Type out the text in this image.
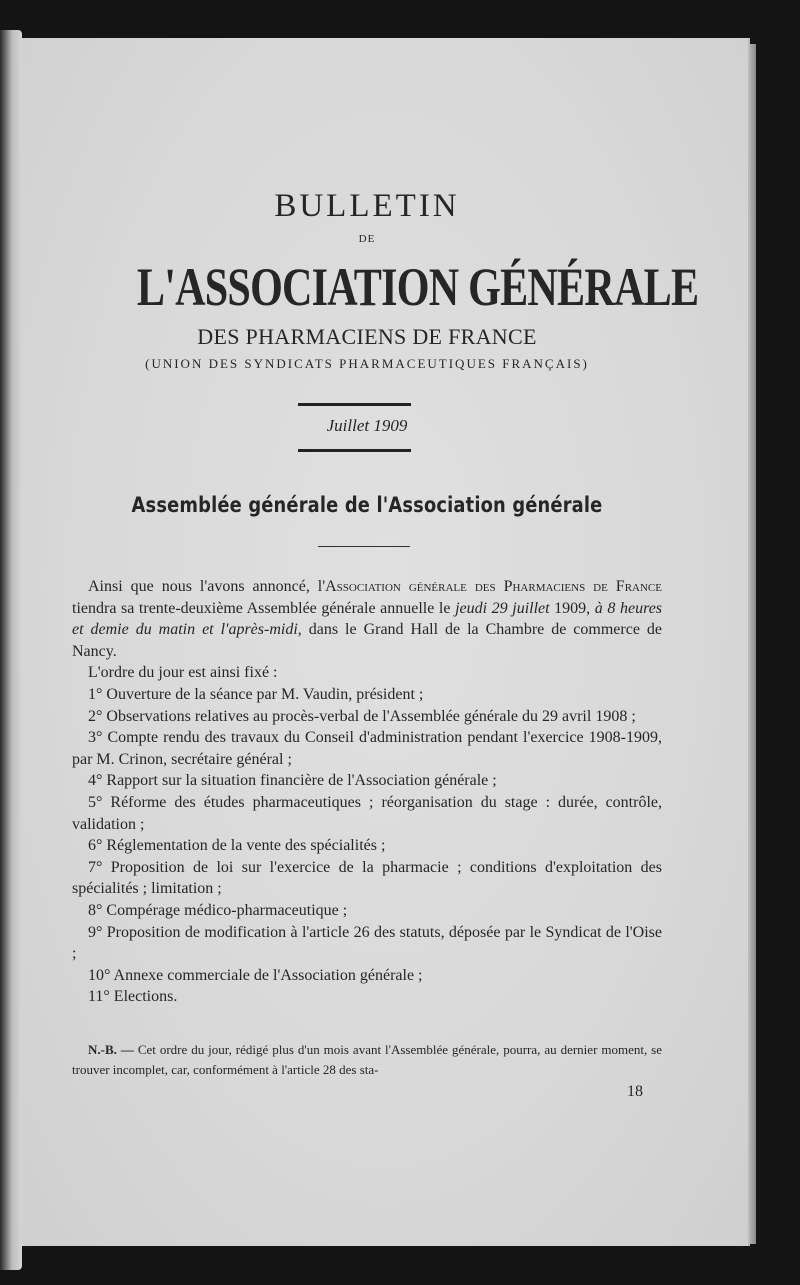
BULLETIN
DE
L'ASSOCIATION GÉNÉRALE
DES PHARMACIENS DE FRANCE
(UNION DES SYNDICATS PHARMACEUTIQUES FRANÇAIS)
Juillet 1909
Assemblée générale de l'Association générale

Ainsi que nous l'avons annoncé, l'Association générale des Pharmaciens de France tiendra sa trente-deuxième Assemblée générale annuelle le jeudi 29 juillet 1909, à 8 heures et demie du matin et l'après-midi, dans le Grand Hall de la Chambre de commerce de Nancy.

L'ordre du jour est ainsi fixé :

1° Ouverture de la séance par M. Vaudin, président ;

2° Observations relatives au procès-verbal de l'Assemblée générale du 29 avril 1908 ;

3° Compte rendu des travaux du Conseil d'administration pendant l'exercice 1908-1909, par M. Crinon, secrétaire général ;

4° Rapport sur la situation financière de l'Association générale ;

5° Réforme des études pharmaceutiques ; réorganisation du stage : durée, contrôle, validation ;

6° Réglementation de la vente des spécialités ;

7° Proposition de loi sur l'exercice de la pharmacie ; conditions d'exploitation des spécialités ; limitation ;

8° Compérage médico-pharmaceutique ;

9° Proposition de modification à l'article 26 des statuts, déposée par le Syndicat de l'Oise ;

10° Annexe commerciale de l'Association générale ;

11° Elections.

N.-B. — Cet ordre du jour, rédigé plus d'un mois avant l'Assemblée générale, pourra, au dernier moment, se trouver incomplet, car, conformément à l'article 28 des sta-
18
